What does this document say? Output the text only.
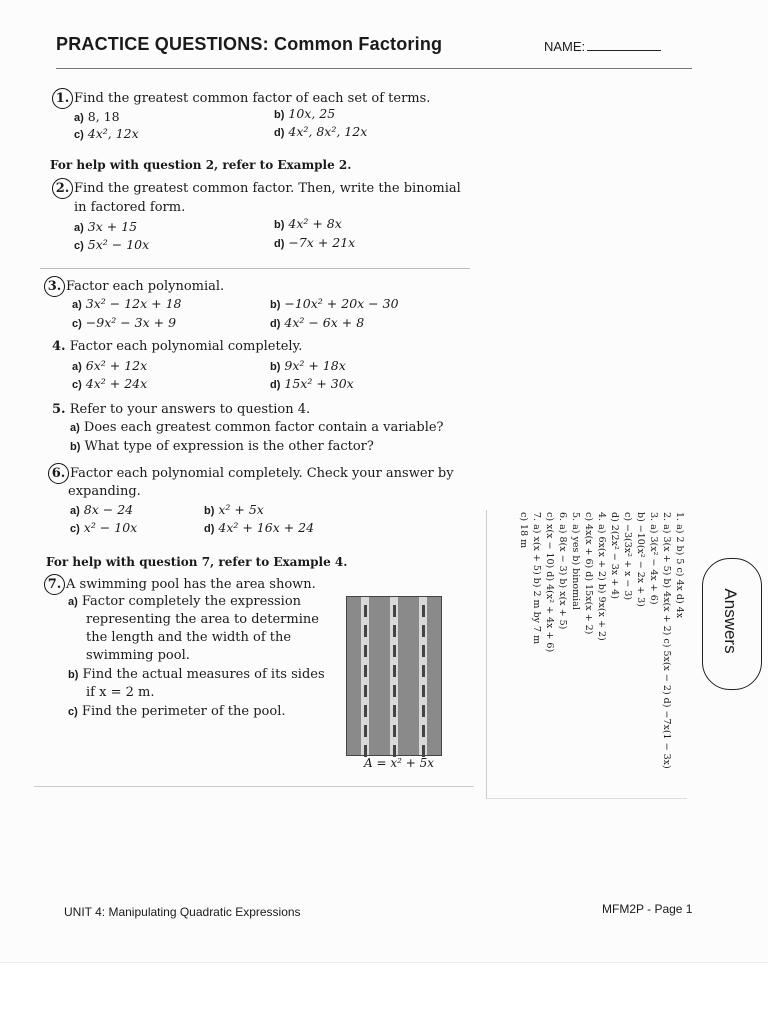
PRACTICE QUESTIONS: Common Factoring	NAME:
1. Find the greatest common factor of each set of terms.
a) 8, 18	b) 10x, 25
c) 4x², 12x	d) 4x², 8x², 12x
For help with question 2, refer to Example 2.
2. Find the greatest common factor. Then, write the binomial
in factored form.
a) 3x + 15	b) 4x² + 8x
c) 5x² − 10x	d) −7x + 21x
3. Factor each polynomial.
a) 3x² − 12x + 18	b) −10x² + 20x − 30
c) −9x² − 3x + 9	d) 4x² − 6x + 8
4. Factor each polynomial completely.
a) 6x² + 12x	b) 9x² + 18x
c) 4x² + 24x	d) 15x² + 30x
5. Refer to your answers to question 4.
a) Does each greatest common factor contain a variable?
b) What type of expression is the other factor?
6. Factor each polynomial completely. Check your answer by
expanding.
a) 8x − 24	b) x² + 5x
c) x² − 10x	d) 4x² + 16x + 24
For help with question 7, refer to Example 4.
7. A swimming pool has the area shown.
a) Factor completely the expression
representing the area to determine
the length and the width of the
swimming pool.
b) Find the actual measures of its sides
if x = 2 m.
c) Find the perimeter of the pool.
A = x² + 5x
1. a) 2 b) 5 c) 4x d) 4x
2. a) 3(x + 5) b) 4x(x + 2) c) 5x(x − 2) d) −7x(1 − 3x)
3. a) 3(x² − 4x + 6)
b) −10(x² − 2x + 3)
c) −3(3x² + x − 3)
d) 2(2x² − 3x + 4)
4. a) 6x(x + 2) b) 9x(x + 2)
c) 4x(x + 6) d) 15x(x + 2)
5. a) yes b) binomial
6. a) 8(x − 3) b) x(x + 5)
c) x(x − 10) d) 4(x² + 4x + 6)
7. a) x(x + 5) b) 2 m by 7 m
c) 18 m
Answers
UNIT 4: Manipulating Quadratic Expressions	MFM2P - Page 1
